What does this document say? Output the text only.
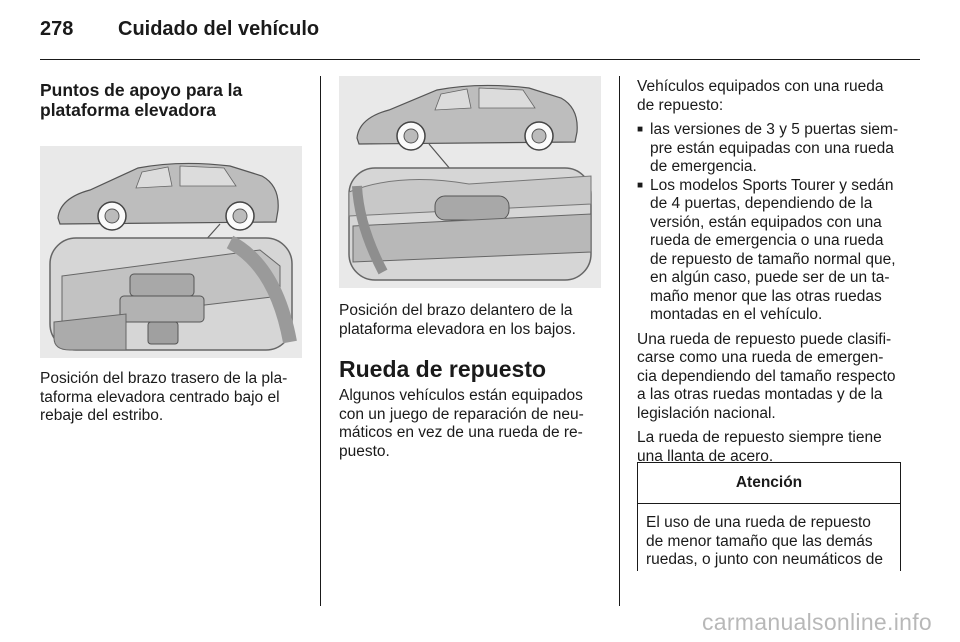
278	Cuidado del vehículo
Puntos de apoyo para la plataforma elevadora

Posición del brazo trasero de la pla-taforma elevadora centrado bajo el rebaje del estribo.

Posición del brazo delantero de la plataforma elevadora en los bajos.

Rueda de repuesto

Algunos vehículos están equipados con un juego de reparación de neu-máticos en vez de una rueda de re-puesto.

Vehículos equipados con una rueda de repuesto:

■ las versiones de 3 y 5 puertas siem-pre están equipadas con una rueda de emergencia.
■ Los modelos Sports Tourer y sedán de 4 puertas, dependiendo de la versión, están equipados con una rueda de emergencia o una rueda de repuesto de tamaño normal que, en algún caso, puede ser de un ta-maño menor que las otras ruedas montadas en el vehículo.

Una rueda de repuesto puede clasifi-carse como una rueda de emergen-cia dependiendo del tamaño respecto a las otras ruedas montadas y de la legislación nacional.

La rueda de repuesto siempre tiene una llanta de acero.

Atención
El uso de una rueda de repuesto de menor tamaño que las demás ruedas, o junto con neumáticos de
carmanualsonline.info
